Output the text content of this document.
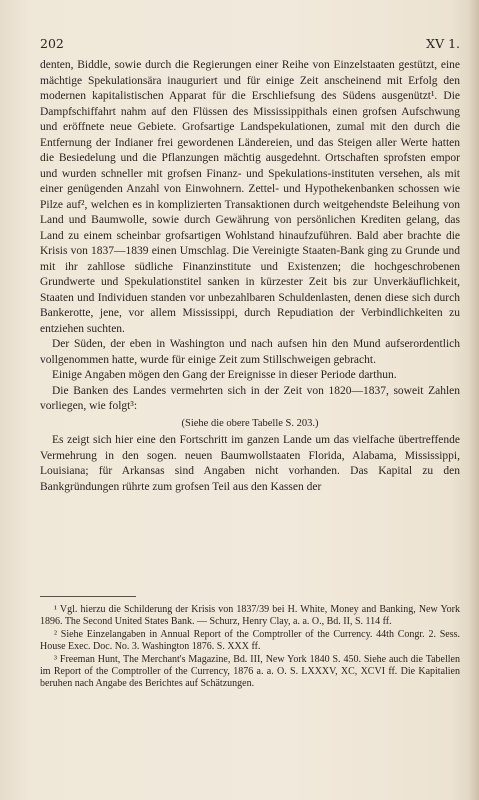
202	XV 1.

denten, Biddle, sowie durch die Regierungen einer Reihe von Einzelstaaten gestützt, eine mächtige Spekulationsära inauguriert und für einige Zeit anscheinend mit Erfolg den modernen kapitalistischen Apparat für die Erschliefsung des Südens ausgenützt¹. Die Dampfschiffahrt nahm auf den Flüssen des Mississippithals einen grofsen Aufschwung und eröffnete neue Gebiete. Grofsartige Landspekulationen, zumal mit den durch die Entfernung der Indianer frei gewordenen Ländereien, und das Steigen aller Werte hatten die Besiedelung und die Pflanzungen mächtig ausgedehnt. Ortschaften sprofsten empor und wurden schneller mit grofsen Finanz- und Spekulations-instituten versehen, als mit einer genügenden Anzahl von Einwohnern. Zettel- und Hypothekenbanken schossen wie Pilze auf², welchen es in komplizierten Transaktionen durch weitgehendste Beleihung von Land und Baumwolle, sowie durch Gewährung von persönlichen Krediten gelang, das Land zu einem scheinbar grofsartigen Wohlstand hinaufzuführen. Bald aber brachte die Krisis von 1837—1839 einen Umschlag. Die Vereinigte Staaten-Bank ging zu Grunde und mit ihr zahllose südliche Finanzinstitute und Existenzen; die hochgeschrobenen Grundwerte und Spekulationstitel sanken in kürzester Zeit bis zur Unverkäuflichkeit, Staaten und Individuen standen vor unbezahlbaren Schuldenlasten, denen diese sich durch Bankerotte, jene, vor allem Mississippi, durch Repudiation der Verbindlichkeiten zu entziehen suchten.

Der Süden, der eben in Washington und nach aufsen hin den Mund aufserordentlich vollgenommen hatte, wurde für einige Zeit zum Stillschweigen gebracht.

Einige Angaben mögen den Gang der Ereignisse in dieser Periode darthun.

Die Banken des Landes vermehrten sich in der Zeit von 1820—1837, soweit Zahlen vorliegen, wie folgt³:

(Siehe die obere Tabelle S. 203.)

Es zeigt sich hier eine den Fortschritt im ganzen Lande um das vielfache übertreffende Vermehrung in den sogen. neuen Baumwollstaaten Florida, Alabama, Mississippi, Louisiana; für Arkansas sind Angaben nicht vorhanden. Das Kapital zu den Bankgründungen rührte zum grofsen Teil aus den Kassen der

¹ Vgl. hierzu die Schilderung der Krisis von 1837/39 bei H. White, Money and Banking, New York 1896. The Second United States Bank. — Schurz, Henry Clay, a. a. O., Bd. II, S. 114 ff.

² Siehe Einzelangaben in Annual Report of the Comptroller of the Currency. 44th Congr. 2. Sess. House Exec. Doc. No. 3. Washington 1876. S. XXX ff.

³ Freeman Hunt, The Merchant's Magazine, Bd. III, New York 1840 S. 450. Siehe auch die Tabellen im Report of the Comptroller of the Currency, 1876 a. a. O. S. LXXXV, XC, XCVI ff. Die Kapitalien beruhen nach Angabe des Berichtes auf Schätzungen.
